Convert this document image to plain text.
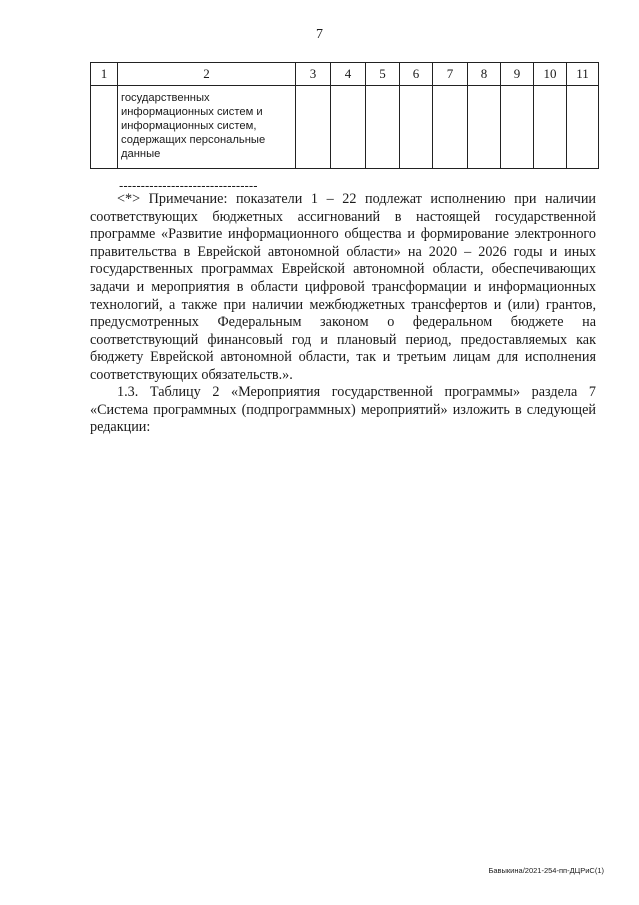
7
1	2	3	4	5	6	7	8	9	10	11

	государственных информационных систем и информационных систем, содержащих персональные данные									

--------------------------------

<*> Примечание: показатели 1 – 22 подлежат исполнению при наличии соответствующих бюджетных ассигнований в настоящей государственной программе «Развитие информационного общества и формирование электронного правительства в Еврейской автономной области» на 2020 – 2026 годы и иных государственных программах Еврейской автономной области, обеспечивающих задачи и мероприятия в области цифровой трансформации и информационных технологий, а также при наличии межбюджетных трансфертов и (или) грантов, предусмотренных Федеральным законом о федеральном бюджете на соответствующий финансовый год и плановый период, предоставляемых как бюджету Еврейской автономной области, так и третьим лицам для исполнения соответствующих обязательств.».

1.3. Таблицу 2 «Мероприятия государственной программы» раздела 7 «Система программных (подпрограммных) мероприятий» изложить в следующей редакции:

Бавыкина/2021-254-пп-ДЦРиС(1)
